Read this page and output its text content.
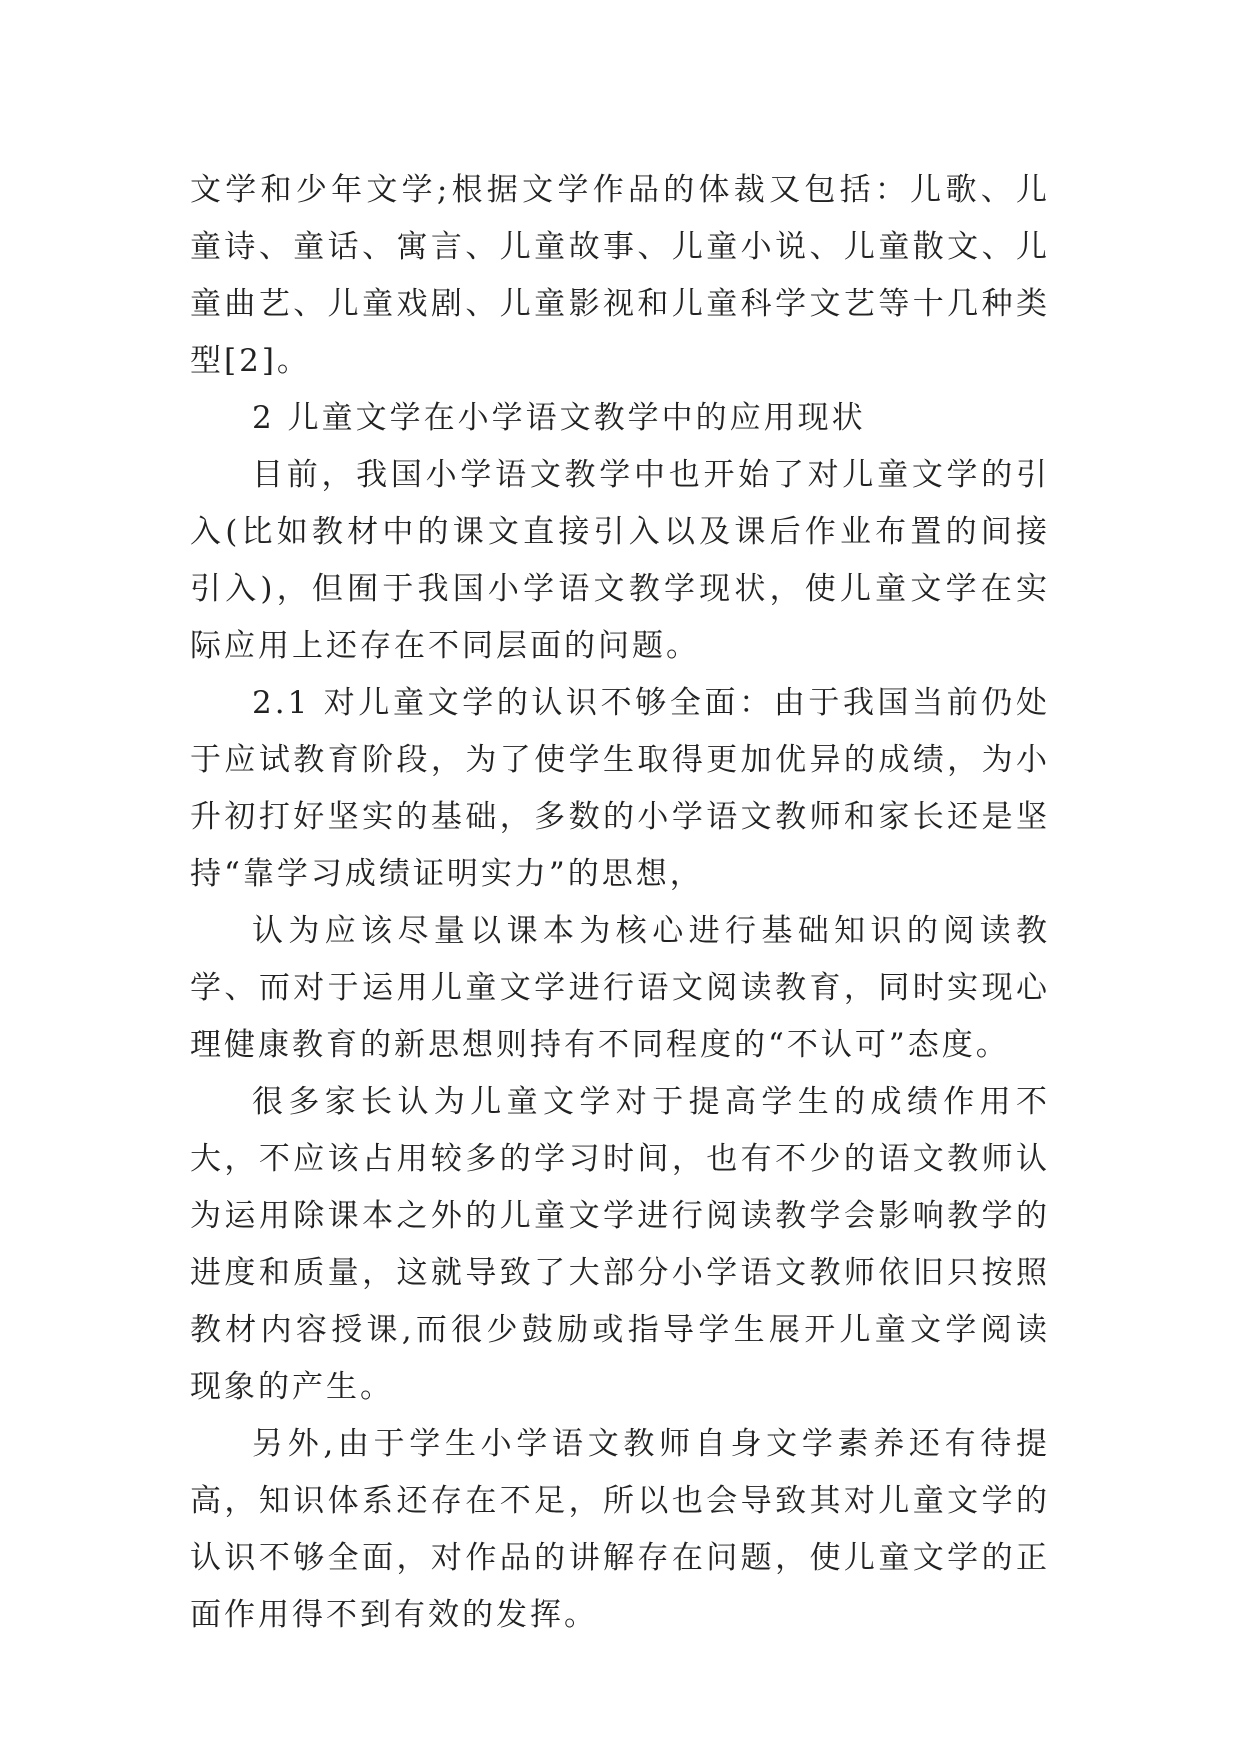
文学和少年文学;根据文学作品的体裁又包括：儿歌、儿童诗、童话、寓言、儿童故事、儿童小说、儿童散文、儿童曲艺、儿童戏剧、儿童影视和儿童科学文艺等十几种类型[2]。

2 儿童文学在小学语文教学中的应用现状

目前，我国小学语文教学中也开始了对儿童文学的引入(比如教材中的课文直接引入以及课后作业布置的间接引入)，但囿于我国小学语文教学现状，使儿童文学在实际应用上还存在不同层面的问题。

2.1 对儿童文学的认识不够全面：由于我国当前仍处于应试教育阶段，为了使学生取得更加优异的成绩，为小升初打好坚实的基础，多数的小学语文教师和家长还是坚持“靠学习成绩证明实力”的思想，

认为应该尽量以课本为核心进行基础知识的阅读教学、而对于运用儿童文学进行语文阅读教育，同时实现心理健康教育的新思想则持有不同程度的“不认可”态度。

很多家长认为儿童文学对于提高学生的成绩作用不大，不应该占用较多的学习时间，也有不少的语文教师认为运用除课本之外的儿童文学进行阅读教学会影响教学的进度和质量，这就导致了大部分小学语文教师依旧只按照教材内容授课,而很少鼓励或指导学生展开儿童文学阅读现象的产生。

另外,由于学生小学语文教师自身文学素养还有待提高，知识体系还存在不足，所以也会导致其对儿童文学的认识不够全面，对作品的讲解存在问题，使儿童文学的正面作用得不到有效的发挥。
